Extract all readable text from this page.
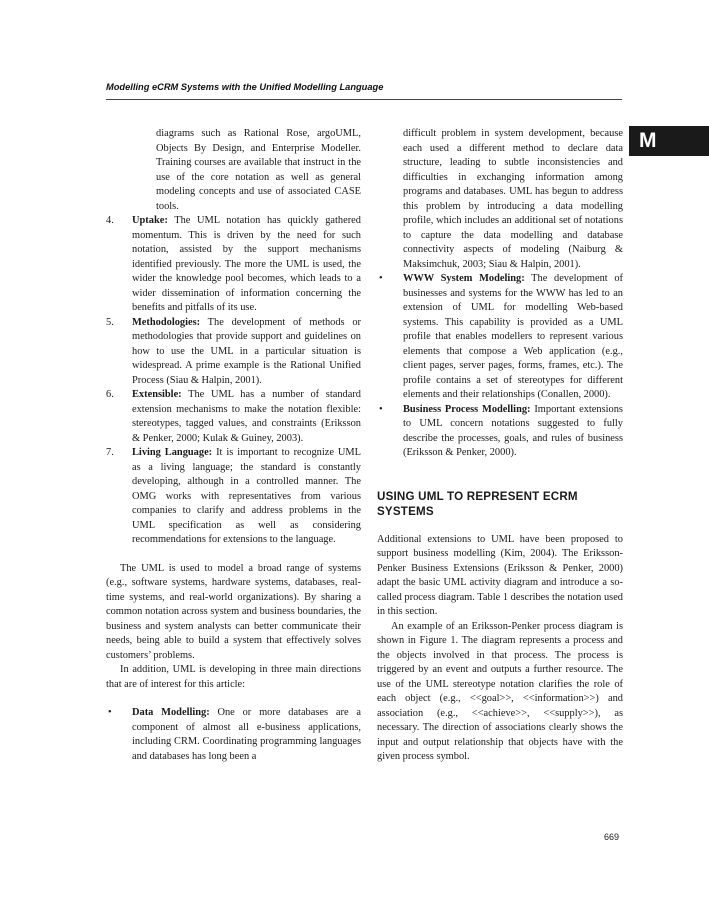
Modelling eCRM Systems with the Unified Modelling Language
M
diagrams such as Rational Rose, argoUML, Objects By Design, and Enterprise Modeller. Training courses are available that instruct in the use of the core notation as well as general modeling concepts and use of associated CASE tools.
4. Uptake: The UML notation has quickly gathered momentum. This is driven by the need for such notation, assisted by the support mechanisms identified previously. The more the UML is used, the wider the knowledge pool becomes, which leads to a wider dissemination of information concerning the benefits and pitfalls of its use.
5. Methodologies: The development of methods or methodologies that provide support and guidelines on how to use the UML in a particular situation is widespread. A prime example is the Rational Unified Process (Siau & Halpin, 2001).
6. Extensible: The UML has a number of standard extension mechanisms to make the notation flexible: stereotypes, tagged values, and constraints (Eriksson & Penker, 2000; Kulak & Guiney, 2003).
7. Living Language: It is important to recognize UML as a living language; the standard is constantly developing, although in a controlled manner. The OMG works with representatives from various companies to clarify and address problems in the UML specification as well as considering recommendations for extensions to the language.
The UML is used to model a broad range of systems (e.g., software systems, hardware systems, databases, real-time systems, and real-world organizations). By sharing a common notation across system and business boundaries, the business and system analysts can better communicate their needs, being able to build a system that effectively solves customers’ problems.
In addition, UML is developing in three main directions that are of interest for this article:
• Data Modelling: One or more databases are a component of almost all e-business applications, including CRM. Coordinating programming languages and databases has long been a
difficult problem in system development, because each used a different method to declare data structure, leading to subtle inconsistencies and difficulties in exchanging information among programs and databases. UML has begun to address this problem by introducing a data modelling profile, which includes an additional set of notations to capture the data modelling and database connectivity aspects of modeling (Naiburg & Maksimchuk, 2003; Siau & Halpin, 2001).
• WWW System Modeling: The development of businesses and systems for the WWW has led to an extension of UML for modelling Web-based systems. This capability is provided as a UML profile that enables modellers to represent various elements that compose a Web application (e.g., client pages, server pages, forms, frames, etc.). The profile contains a set of stereotypes for different elements and their relationships (Conallen, 2000).
• Business Process Modelling: Important extensions to UML concern notations suggested to fully describe the processes, goals, and rules of business (Eriksson & Penker, 2000).
USING UML TO REPRESENT ECRM SYSTEMS
Additional extensions to UML have been proposed to support business modelling (Kim, 2004). The Eriksson-Penker Business Extensions (Eriksson & Penker, 2000) adapt the basic UML activity diagram and introduce a so-called process diagram. Table 1 describes the notation used in this section.
An example of an Eriksson-Penker process diagram is shown in Figure 1. The diagram represents a process and the objects involved in that process. The process is triggered by an event and outputs a further resource. The use of the UML stereotype notation clarifies the role of each object (e.g., <<goal>>, <<information>>) and association (e.g., <<achieve>>, <<supply>>), as necessary. The direction of associations clearly shows the input and output relationship that objects have with the given process symbol.
669
